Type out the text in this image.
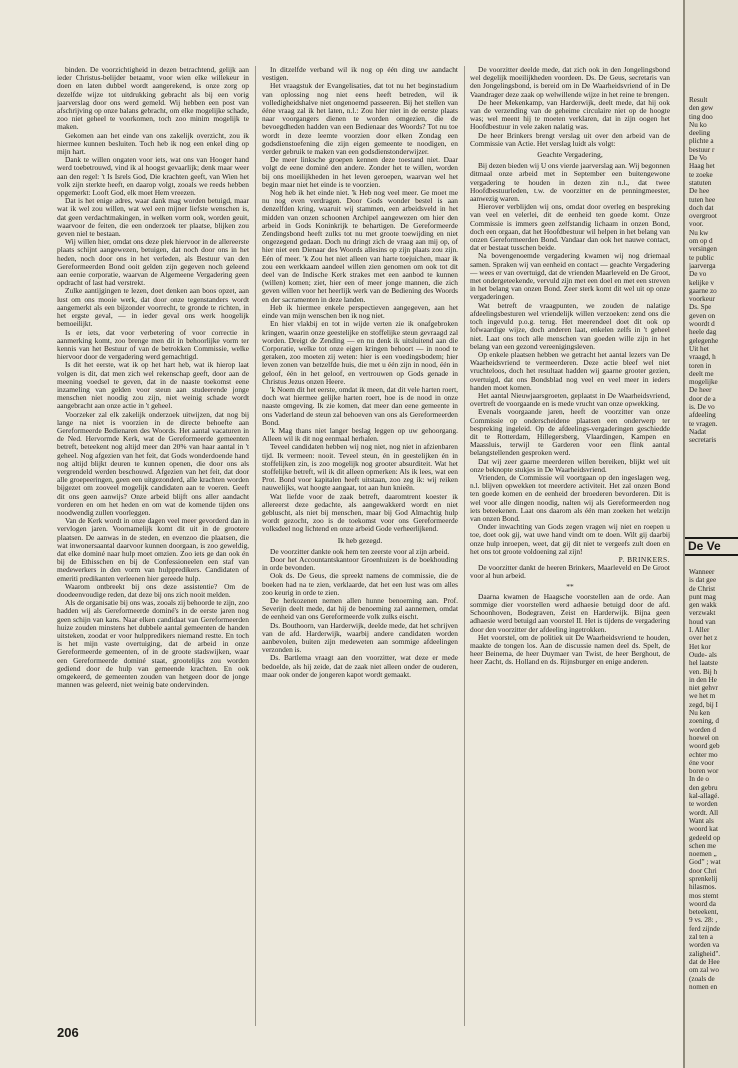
binden. De voorzichtigheid in dezen betrachtend, gelijk aan ieder Christus-belijder betaamt, voor wien elke willekeur in doen en laten dubbel wordt aangerekend, is onze zorg op dezelfde wijze tot uitdrukking gebracht als bij een vorig jaarverslag door ons werd gemeld. Wij hebben een post van afschrijving op onze balans gebracht, om elke mogelijke schade, zoo niet geheel te voorkomen, toch zoo minim mogelijk te maken.

Gekomen aan het einde van ons zakelijk overzicht, zou ik hiermee kunnen besluiten. Toch heb ik nog een enkel ding op mijn hart.

Dank te willen ongaten voor iets, wat ons van Hooger hand werd toebetrouwd, vind ik al hoogst gevaarlijk; denk maar weer aan den regel: 't Is Isrels God, Die krachten geeft, van Wien het volk zijn sterkte heeft, en daarop volgt, zooals we reeds hebben opgemerkt: Looft God, elk moet Hem vreezen.

Dat is het enige adres, waar dank mag worden betuigd, maar wat ik wel zou willen, wat wel een mijner liefste wenschen is, dat geen verdachtmakingen, in welken vorm ook, worden geuit, waarvoor de feiten, die een onderzoek ter plaatse, blijken zou geven niel te bestaan.

Wij willen hier, omdat ons deze plek hiervoor in de allereerste plaats schijnt aangewezen, betuigen, dat noch door ons in het heden, noch door ons in het verleden, als Bestuur van den Gereformeerden Bond ooit gelden zijn gegeven noch geleend aan eenie corporatie, waarvan de Algemeene Vergadering geen opdracht of last had verstrekt.

Zulke aantijgingen te lezen, doet denken aan boos opzet, aan lust om ons mooie werk, dat door onze tegenstanders wordt aangemerkt als een bijzonder voorrecht, te gronde te richten, in het ergste geval, — in ieder geval ons werk hoogelijk bemoeilijkt.

Is er iets, dat voor verbetering of voor correctie in aanmerking komt, zoo brenge men dit in behoorlijke vorm ter kennis van het Bestuur of van de betrokken Commissie, welke hiervoor door de vergadering werd gemachtigd.

Is dit het eerste, wat ik op het hart heb, wat ik hierop laat volgen is dit, dat men zich wel rekenschap geeft, door aan de meening voedsel te geven, dat in de naaste toekomst eene inzameling van gelden voor steun aan studeerende jonge menschen niet noodig zou zijn, niet weinig schade wordt aangebracht aan onze actie in 't geheel.

Voorzeker zal elk zakelijk onderzoek uitwijzen, dat nog bij lange na niet is voorzien in de directe behoefte aan Gereformeerde Bedienaren des Woords. Het aantal vacaturen in de Ned. Hervormde Kerk, wat de Gereformeerde gemeenten betreft, beteekent nog altijd meer dan 20% van haar aantal in 't geheel. Nog afgezien van het feit, dat Gods wonderdoende hand nog altijd blijkt deuren te kunnen openen, die door ons als vergrendeld werden beschouwd. Afgezien van het feit, dat door alle groepeeringen, geen een uitgezonderd, alle krachten worden bijgezet om zooveel mogelijk candidaten aan te voeren. Geeft dit ons geen aanwijs? Onze arbeid blijft ons aller aandacht vorderen en om het heden en om wat de komende tijden ons noodwendig zullen voorleggen.

Van de Kerk wordt in onze dagen veel meer gevorderd dan in vervlogen jaren. Voornamelijk komt dit uit in de grootere plaatsen. De aanwas in de steden, en evenzoo die plaatsen, die wat inwonersaantal daarvoor kunnen doorgaan, is zoo geweldig, dat elke dominé naar hulp moet omzien. Zoo iets ge dan ook én bij de Ethisschen en bij de Confessioneelen een staf van medewerkers in den vorm van hulppredikers. Candidaten of emeriti predikanten verleenen hier gereede hulp.

Waarom ontbreekt bij ons deze assistentie? Om de doodeenvoudige reden, dat deze bij ons zich nooit melden.

Als de organisatie bij ons was, zooals zij behoorde te zijn, zoo hadden wij als Gereformeerde dominé's in de eerste jaren nog geen schijn van kans. Naar elken candidaat van Gereformeerden huize zouden minstens het dubbele aantal gemeenten de handen uitsteken, zoodat er voor hulppredikers niemand restte. En toch is het mijn vaste overtuiging, dat de arbeid in onze Gereformeerde gemeenten, of in de groote stadswijken, waar een Gereformeerde dominé staat, grootelijks zou worden gediend door de hulp van gemeende krachten. En ook omgekeerd, de gemeenten zouden van hetgeen door de jonge mannen was geleerd, niet weinig bate ondervinden.

In ditzelfde verband wil ik nog op één ding uw aandacht vestigen.

Het vraagstuk der Evangelisaties, dat tot nu het beginstadium van oplossing nog niet eens heeft betreden, wil ik volledigheidshalve niet ongenoemd passeeren. Bij het stellen van ééne vraag zal ik het laten, n.l.: Zou hier niet in de eerste plaats naar voorgangers dienen te worden omgezien, die de bevoegdheden hadden van een Bedienaar des Woords? Tot nu toe wordt in deze leemte voorzien door elken Zondag een godsdienstoefening die zijn eigen gemeente te noodigen, en verder gebruik te maken van een godsdienstonderwijzer.

De meer linksche groepen kennen deze toestand niet. Daar volgt de eene dominé den andere. Zonder het te willen, worden bij ons moeilijkheden in het leven geroepen, waarvan wel het begin maar niet het einde is te voorzien.

Nog heb ik het einde niet. 'k Heb nog veel meer. Ge moet me nu nog even verdragen. Door Gods wonder bestel is aan denzelfden kring, waaruit wij stammen, een arbeidsveld in het midden van onzen schoonen Archipel aangewezen om hier den arbeid in Gods Koninkrijk te behartigen. De Gereformeerde Zendingsbond heeft zulks tot nu met groote toewijding en niet ongezegend gedaan. Doch nu dringt zich de vraag aan mij op, of hier niet een Dienaar des Woords allesins op zijn plaats zou zijn. Eén of meer. 'k Zou het niet alleen van harte toejuichen, maar ik zou een werkkaam aandeel willen zien genomen om ook tot dit deel van de Indische Kerk strakes met een aanbod te kunnen (willen) komen; ziet, hier een of meer jonge mannen, die zich geven willen voor het heerlijk werk van de Bediening des Woords en der sacramenten in deze landen.

Heb ik hiermee enkele perspectieven aangegeven, aan het einde van mijn wenschen ben ik nog niet.

En hier vlakbij en tot in wijde verten zie ik onafgebroken kringen, waarin onze geestelijke en stoffelijke steun gevraagd zal worden. Dreigt de Zending — en nu denk ik uitsluitend aan die Corporatie, welke tot onze eigen kringen behoort — in nood te geraken, zoo moeten zij weten: hier is een voedingsbodem; hier leven zonen van betzelfde huis, die met u één zijn in nood, één in geloof, één in het geloof, en vertrouwen op Gods genade in Christus Jezus onzen Heere.

'k Noem dit het eerste, omdat ik meen, dat dit vele harten roert, doch wat hiermee gelijke harten roert, hoe is de nood in onze naaste omgeving. Ik zie komen, dat meer dan eene gemeente in ons Vaderland de steun zal behoeven van ons als Gereformeerden Bond.

'k Mag thans niet langer beslag leggen op uw gehoorgang. Alleen wil ik dit nog eenmaal herhalen.

Teveel candidaten hebben wij nog niet, nog niet in afzienbaren tijd. Ik vermeen: nooit. Teveel steun, én in geestelijken én in stoffelijken zin, is zoo mogelijk nog grooter absurditeit. Wat het stoffelijke betreft, wil ik dit alleen opmerken: Als ik lees, wat een Prot. Bond voor kapitalen heeft uitstaan, zoo zeg ik: wij reiken nauwelijks, wat hoogte aangaat, tot aan hun knieën.

Wat liefde voor de zaak betreft, daaromtrent koester ik allereerst deze gedachte, als aangewakkerd wordt en niet gebluscht, als niet bij menschen, maar bij God Almachtig hulp wordt gezocht, zoo is de toekomst voor ons Gereformeerde volksdeel nog lichtend en onze arbeid Gode verheerlijkend.

Ik heb gezegd.

De voorzitter dankte ook hem ten zeerste voor al zijn arbeid.

Door het Accountantskantoor Groenhuizen is de boekhouding in orde bevonden.

Ook ds. De Geus, die spreekt namens de commissie, die de boeken had na te zien, verklaarde, dat het een lust was om alles zoo keurig in orde te zien.

De herkozenen nemen allen hunne benoeming aan. Prof. Severijn deelt mede, dat hij de benoeming zal aannemen, omdat de eenheid van ons Gereformeerde volk zulks eischt.

Ds. Bouthoorn, van Harderwijk, deelde mede, dat het schrijven van de afd. Harderwijk, waarbij andere candidaten worden aanbevolen, buiten zijn medeweten aan sommige afdeelingen verzonden is.

Ds. Bartlema vraagt aan den voorzitter, wat deze er mede bedoelde, als hij zeide, dat de zaak niet alleen onder de ouderen, maar ook onder de jongeren kapot wordt gemaakt.

De voorzitter deelde mede, dat zich ook in den Jongelingsbond wel degelijk moeilijkheden voordeen. Ds. De Geus, secretaris van den Jongelingsbond, is bereid om in De Waarheidsvriend of in De Vaandrager deze zaak op welwillende wijze in het reine te brengen.

De heer Mekenkamp, van Harderwijk, deelt mede, dat hij ook van de verzending van de geheime circulaire niet op de hoogte was; wel meent hij te moeten verklaren, dat in zijn oogen het Hoofdbestuur in vele zaken nalatig was.

De heer Brinkers brengt verslag uit over den arbeid van de Commissie van Actie. Het verslag luidt als volgt:

Geachte Vergadering,

Bij dezen bieden wij U ons vierde jaarverslag aan. Wij begonnen ditmaal onze arbeid met in September een buitengewone vergadering te houden in dezen zin n.l., dat twee Hoofdbestuurleden, t.w. de voorzitter en de penningmeester, aanwezig waren.

Hierover verblijden wij ons, omdat door overleg en bespreking van veel en velerlei, dit de eenheid ten goede komt. Onze Commissie is immers geen zelfstandig lichaam in onzen Bond, doch een orgaan, dat het Hoofdbestuur wil helpen in het belang van onzen Gereformeerden Bond. Vandaar dan ook het nauwe contact, dat er bestaat tusschen beide.

Na bovengenoemde vergadering kwamen wij nog driemaal samen. Spraken wij van eenheid en contact — geachte Vergadering — wees er van overtuigd, dat de vrienden Maarleveld en De Groot, met ondergeteekende, vervuld zijn met een doel en met een streven in het belang van onzen Bond. Zeer sterk komt dit wel uit op onze vergaderingen.

Wat betreft de vraagpunten, we zouden de nalatige afdeelingsbesturen wel vriendelijk willen verzoeken: zend ons die toch ingevuld p.o.g. terug. Het meerendeel doet dit ook op lofwaardige wijze, doch anderen laat, enkelen zelfs in 't geheel niet. Laat ons toch alle menschen van goeden wille zijn in het belang van een gezond vereenigingsleven.

Op enkele plaatsen hebben we getracht het aantal lezers van De Waarheidsvriend te vermeerderen. Deze actie bleef wel niet vruchteloos, doch het resultaat hadden wij gaarne grooter gezien, overtuigd, dat ons Bondsblad nog veel en veel meer in ieders handen moet komen.

Het aantal Nieuwjaarsgroeten, geplaatst in De Waarheidsvriend, overtreft de voorgaande en is mede vrucht van onze opwekking.

Evenals voorgaande jaren, heeft de voorzitter van onze Commissie op onderscheidene plaatsen een onderwerp ter bespreking ingeleid. Op de afdeelings-vergaderingen geschiedde dit te Rotterdam, Hillegersberg, Vlaardingen, Kampen en Maassluis, terwijl te Garderen voor een flink aantal belangstellenden gesproken werd.

Dat wij zeer gaarne meerderen willen bereiken, blijkt wel uit onze beknopte stukjes in De Waarheidsvriend.

Vrienden, de Commissie wil voortgaan op den ingeslagen weg, n.l. blijven opwekken tot meerdere activiteit. Het zal onzen Bond ten goede komen en de eenheid der broederen bevorderen. Dit is wel voor alle dingen noodig, nalten wij als Gereformeerden nog iets beteekenen. Laat ons daarom als één man zoeken het welzijn van onzen Bond.

Onder inwachting van Gods zegen vragen wij niet en roepen u toe, doet ook gij, wat uwe hand vindt om te doen. Wilt gij daarbij onze hulp inroepen, weet, dat gij dit niet te vergeefs zult doen en het ons tot groote voldoening zal zijn!

P. BRINKERS.

De voorzitter dankt de heeren Brinkers, Maarleveld en De Groot voor al hun arbeid.

**

Daarna kwamen de Haagsche voorstellen aan de orde. Aan sommige dier voorstellen werd adhaesie betuigd door de afd. Schoonhoven, Bodegraven, Zeist en Harderwijk. Bijna geen adhaesie werd betuigd aan voorstel II. Het is tijdens de vergadering door den voorzitter der afdeeling ingetrokken.

Het voorstel, om de politiek uit De Waarheidsvriend te houden, maakte de tongen los. Aan de discussie namen deel ds. Spelt, de heer Beinema, de heer Duymaer van Twist, de heer Berghout, de heer Zacht, ds. Holland en ds. Rijnsburger en enige anderen.

206
Result
den gew
ting doo
Nu ko
deeling
plichte a
bestuur r
De Vo
Haag het
te zoeke
statuten
De hee
tuten hee
doch dat
overgroot
voor.
Nu kw
om op d
versingen
te public
jaarverga
De vo
kelijke v
gaarne zo
voorkeur
Ds. Spe
geven on
woordt d
heele dag
gelegenhe
Uit het
vraagd, h
toren in
deelt me
mogelijke
De heer
door de a
is. De vo
afdeeling
te vragen.
Nadat
secretaris
De Ve
Wanneer
is dat gee
de Christ
punt mag
gen wakk
verzwakt
houd van
I. Aller
over het z
Het kor
Oude- als
hel laatste
ven. Bij h
in den He
niet gehvr
we het m
zegd, bij I
Nu ken
zoening, d
worden d
hoewel on
woord geb
echter mo
éne voor
boren wor
In de o
den gebru
kal-allagé.
te worden
wordt. All
Want als
woord kat
gedeeld op
schen me
noemen „
God” ; wat
door Chri
sprenkelij
hilasmos.
mos stemt
woord da
beteekent,
9 vs. 28: ,
ferd zijnde
zal ten a
worden va
zaligheid".
dat de Hee
om zal wo
(zoals de
nomen en
